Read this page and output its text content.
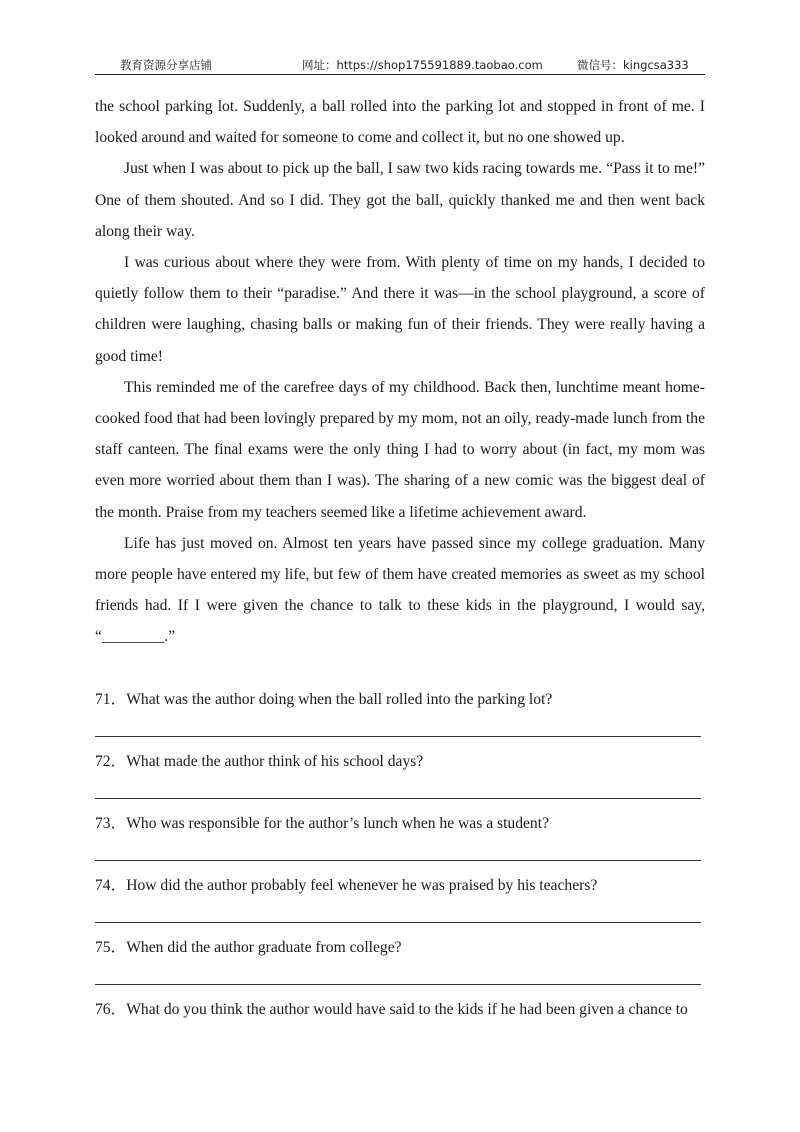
教育资源分享店铺	网址：https://shop175591889.taobao.com	微信号：kingcsa333

the school parking lot. Suddenly, a ball rolled into the parking lot and stopped in front of me. I looked around and waited for someone to come and collect it, but no one showed up.

Just when I was about to pick up the ball, I saw two kids racing towards me. “Pass it to me!” One of them shouted. And so I did. They got the ball, quickly thanked me and then went back along their way.

I was curious about where they were from. With plenty of time on my hands, I decided to quietly follow them to their “paradise.” And there it was—in the school playground, a score of children were laughing, chasing balls or making fun of their friends. They were really having a good time!

This reminded me of the carefree days of my childhood. Back then, lunchtime meant home-cooked food that had been lovingly prepared by my mom, not an oily, ready-made lunch from the staff canteen. The final exams were the only thing I had to worry about (in fact, my mom was even more worried about them than I was). The sharing of a new comic was the biggest deal of the month. Praise from my teachers seemed like a lifetime achievement award.

Life has just moved on. Almost ten years have passed since my college graduation. Many more people have entered my life, but few of them have created memories as sweet as my school friends had. If I were given the chance to talk to these kids in the playground, I would say, “________.”

71．What was the author doing when the ball rolled into the parking lot?
72．What made the author think of his school days?
73．Who was responsible for the author’s lunch when he was a student?
74．How did the author probably feel whenever he was praised by his teachers?
75．When did the author graduate from college?
76．What do you think the author would have said to the kids if he had been given a chance to
